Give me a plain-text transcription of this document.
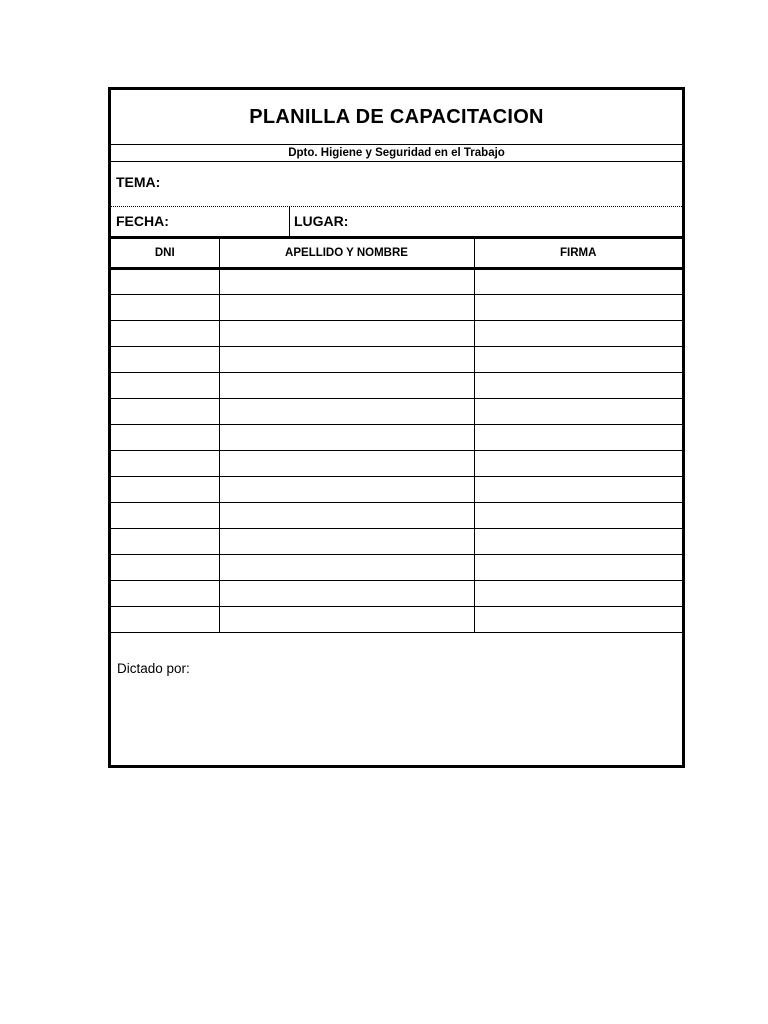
PLANILLA DE CAPACITACION
Dpto. Higiene y Seguridad en el Trabajo
TEMA:
FECHA:	LUGAR:
DNI	APELLIDO Y NOMBRE	FIRMA

Dictado por:
